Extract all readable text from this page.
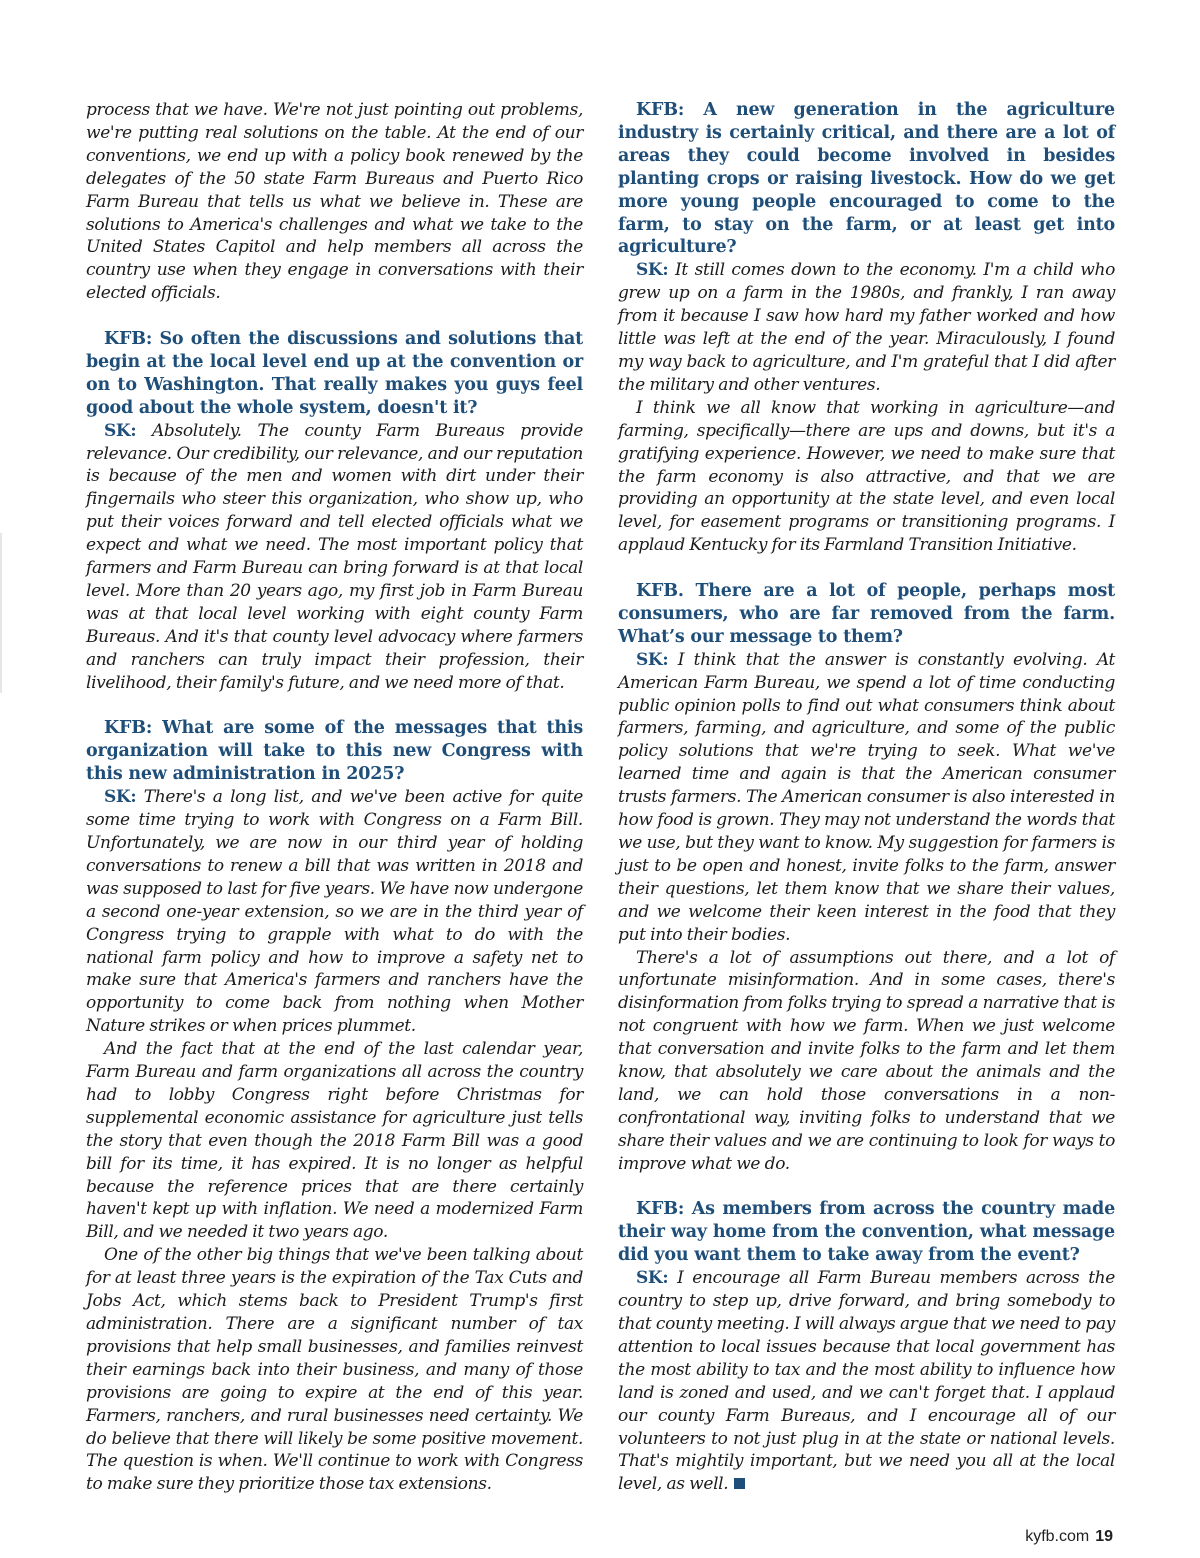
process that we have. We're not just pointing out problems, we're putting real solutions on the table. At the end of our conventions, we end up with a policy book renewed by the delegates of the 50 state Farm Bureaus and Puerto Rico Farm Bureau that tells us what we believe in. These are solutions to America's challenges and what we take to the United States Capitol and help members all across the country use when they engage in conversations with their elected officials.

KFB: So often the discussions and solutions that begin at the local level end up at the convention or on to Washington. That really makes you guys feel good about the whole system, doesn't it?

SK: Absolutely. The county Farm Bureaus provide relevance. Our credibility, our relevance, and our reputation is because of the men and women with dirt under their fingernails who steer this organization, who show up, who put their voices forward and tell elected officials what we expect and what we need. The most important policy that farmers and Farm Bureau can bring forward is at that local level. More than 20 years ago, my first job in Farm Bureau was at that local level working with eight county Farm Bureaus. And it's that county level advocacy where farmers and ranchers can truly impact their profession, their livelihood, their family's future, and we need more of that.

KFB: What are some of the messages that this organization will take to this new Congress with this new administration in 2025?

SK: There's a long list, and we've been active for quite some time trying to work with Congress on a Farm Bill. Unfortunately, we are now in our third year of holding conversations to renew a bill that was written in 2018 and was supposed to last for five years. We have now undergone a second one-year extension, so we are in the third year of Congress trying to grapple with what to do with the national farm policy and how to improve a safety net to make sure that America's farmers and ranchers have the opportunity to come back from nothing when Mother Nature strikes or when prices plummet.

And the fact that at the end of the last calendar year, Farm Bureau and farm organizations all across the country had to lobby Congress right before Christmas for supplemental economic assistance for agriculture just tells the story that even though the 2018 Farm Bill was a good bill for its time, it has expired. It is no longer as helpful because the reference prices that are there certainly haven't kept up with inflation. We need a modernized Farm Bill, and we needed it two years ago.

One of the other big things that we've been talking about for at least three years is the expiration of the Tax Cuts and Jobs Act, which stems back to President Trump's first administration. There are a significant number of tax provisions that help small businesses, and families reinvest their earnings back into their business, and many of those provisions are going to expire at the end of this year. Farmers, ranchers, and rural businesses need certainty. We do believe that there will likely be some positive movement. The question is when. We'll continue to work with Congress to make sure they prioritize those tax extensions.

KFB: A new generation in the agriculture industry is certainly critical, and there are a lot of areas they could become involved in besides planting crops or raising livestock. How do we get more young people encouraged to come to the farm, to stay on the farm, or at least get into agriculture?

SK: It still comes down to the economy. I'm a child who grew up on a farm in the 1980s, and frankly, I ran away from it because I saw how hard my father worked and how little was left at the end of the year. Miraculously, I found my way back to agriculture, and I'm grateful that I did after the military and other ventures.

I think we all know that working in agriculture—and farming, specifically—there are ups and downs, but it's a gratifying experience. However, we need to make sure that the farm economy is also attractive, and that we are providing an opportunity at the state level, and even local level, for easement programs or transitioning programs. I applaud Kentucky for its Farmland Transition Initiative.

KFB. There are a lot of people, perhaps most consumers, who are far removed from the farm. What’s our message to them?

SK: I think that the answer is constantly evolving. At American Farm Bureau, we spend a lot of time conducting public opinion polls to find out what consumers think about farmers, farming, and agriculture, and some of the public policy solutions that we're trying to seek. What we've learned time and again is that the American consumer trusts farmers. The American consumer is also interested in how food is grown. They may not understand the words that we use, but they want to know. My suggestion for farmers is just to be open and honest, invite folks to the farm, answer their questions, let them know that we share their values, and we welcome their keen interest in the food that they put into their bodies.

There's a lot of assumptions out there, and a lot of unfortunate misinformation. And in some cases, there's disinformation from folks trying to spread a narrative that is not congruent with how we farm. When we just welcome that conversation and invite folks to the farm and let them know, that absolutely we care about the animals and the land, we can hold those conversations in a non-confrontational way, inviting folks to understand that we share their values and we are continuing to look for ways to improve what we do.

KFB: As members from across the country made their way home from the convention, what message did you want them to take away from the event?

SK: I encourage all Farm Bureau members across the country to step up, drive forward, and bring somebody to that county meeting. I will always argue that we need to pay attention to local issues because that local government has the most ability to tax and the most ability to influence how land is zoned and used, and we can't forget that. I applaud our county Farm Bureaus, and I encourage all of our volunteers to not just plug in at the state or national levels. That's mightily important, but we need you all at the local level, as well.

kyfb.com 19
